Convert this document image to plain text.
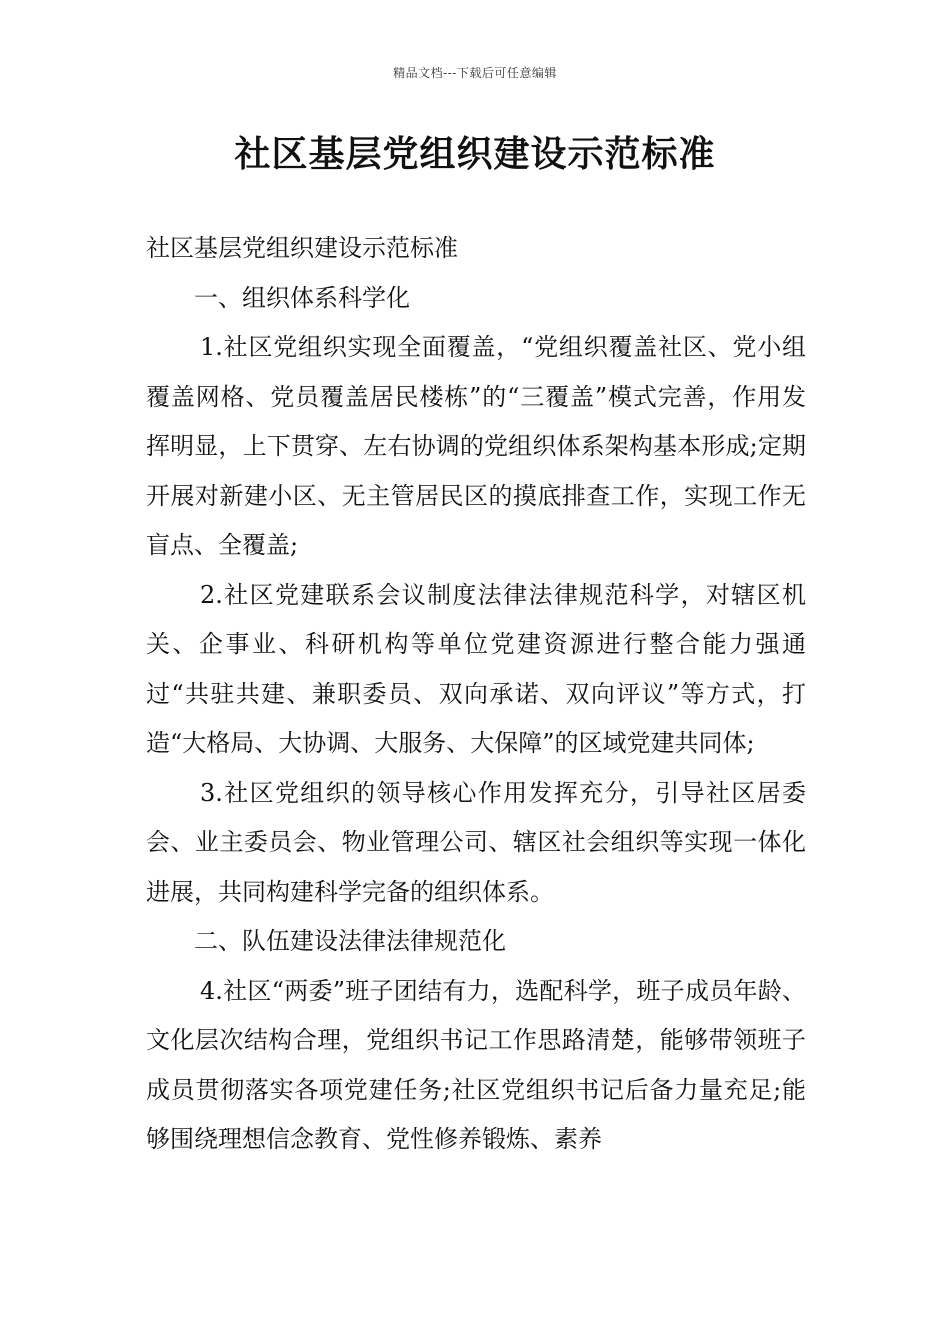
精品文档---下载后可任意编辑
社区基层党组织建设示范标准

社区基层党组织建设示范标准

一、组织体系科学化

1.社区党组织实现全面覆盖，“党组织覆盖社区、党小组覆盖网格、党员覆盖居民楼栋”的“三覆盖”模式完善，作用发挥明显，上下贯穿、左右协调的党组织体系架构基本形成;定期开展对新建小区、无主管居民区的摸底排查工作，实现工作无盲点、全覆盖;

2.社区党建联系会议制度法律法律规范科学，对辖区机关、企事业、科研机构等单位党建资源进行整合能力强通过“共驻共建、兼职委员、双向承诺、双向评议”等方式，打造“大格局、大协调、大服务、大保障”的区域党建共同体;

3.社区党组织的领导核心作用发挥充分，引导社区居委会、业主委员会、物业管理公司、辖区社会组织等实现一体化进展，共同构建科学完备的组织体系。

二、队伍建设法律法律规范化

4.社区“两委”班子团结有力，选配科学，班子成员年龄、文化层次结构合理，党组织书记工作思路清楚，能够带领班子成员贯彻落实各项党建任务;社区党组织书记后备力量充足;能够围绕理想信念教育、党性修养锻炼、素养
